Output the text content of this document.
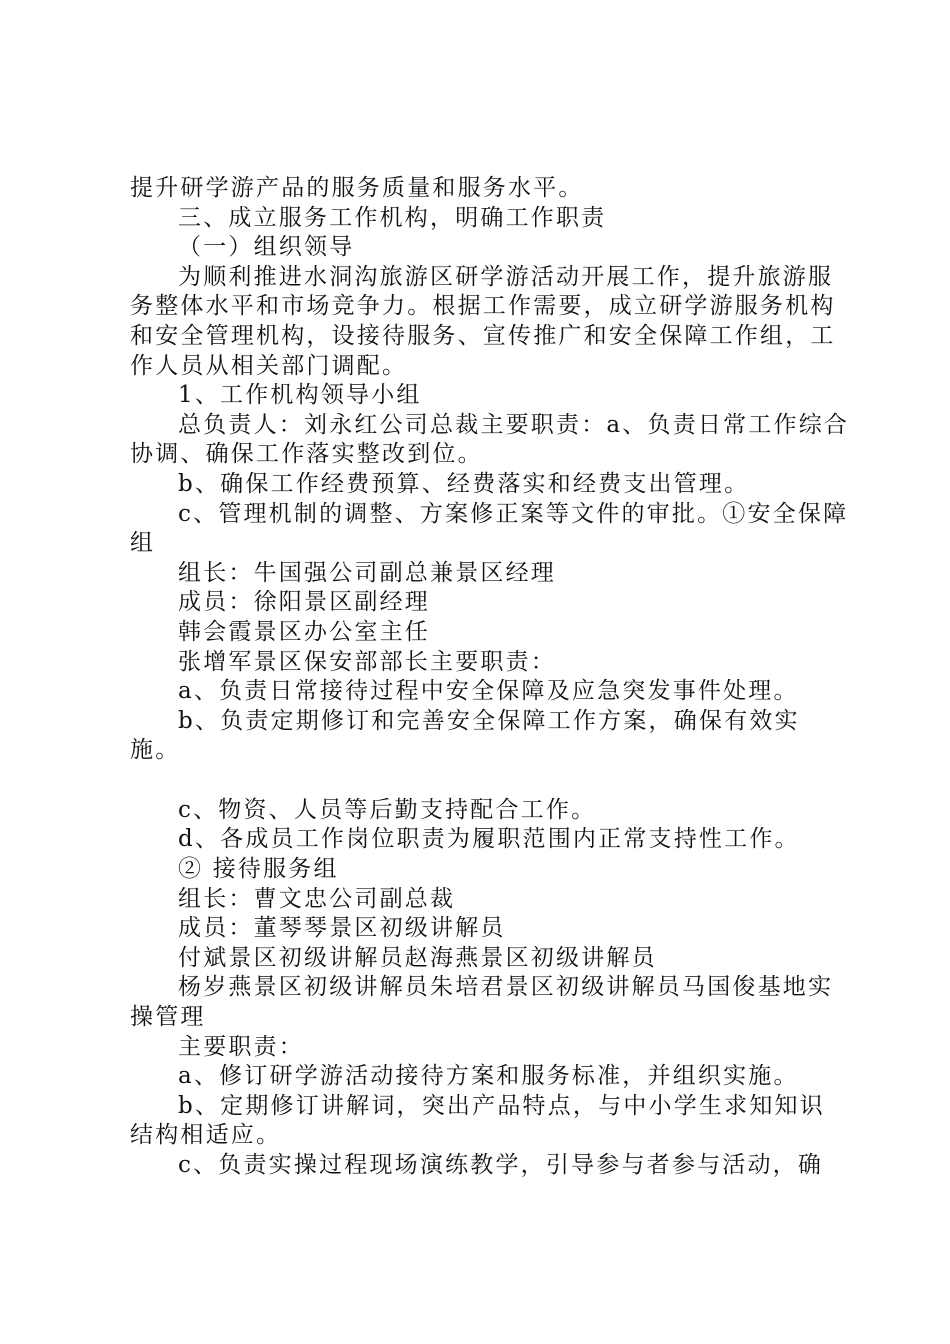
提升研学游产品的服务质量和服务水平。

三、成立服务工作机构，明确工作职责

（一）组织领导

为顺利推进水洞沟旅游区研学游活动开展工作，提升旅游服务整体水平和市场竞争力。根据工作需要，成立研学游服务机构和安全管理机构，设接待服务、宣传推广和安全保障工作组，工作人员从相关部门调配。

1、工作机构领导小组

总负责人：刘永红公司总裁主要职责：a、负责日常工作综合协调、确保工作落实整改到位。

b、确保工作经费预算、经费落实和经费支出管理。

c、管理机制的调整、方案修正案等文件的审批。①安全保障组

组长：牛国强公司副总兼景区经理

成员：徐阳景区副经理

韩会霞景区办公室主任

张增军景区保安部部长主要职责：

a、负责日常接待过程中安全保障及应急突发事件处理。

b、负责定期修订和完善安全保障工作方案，确保有效实施。

c、物资、人员等后勤支持配合工作。

d、各成员工作岗位职责为履职范围内正常支持性工作。

② 接待服务组

组长：曹文忠公司副总裁

成员：董琴琴景区初级讲解员

付斌景区初级讲解员赵海燕景区初级讲解员

杨岁燕景区初级讲解员朱培君景区初级讲解员马国俊基地实操管理

主要职责：

a、修订研学游活动接待方案和服务标准，并组织实施。

b、定期修订讲解词，突出产品特点，与中小学生求知知识结构相适应。

c、负责实操过程现场演练教学，引导参与者参与活动，确
